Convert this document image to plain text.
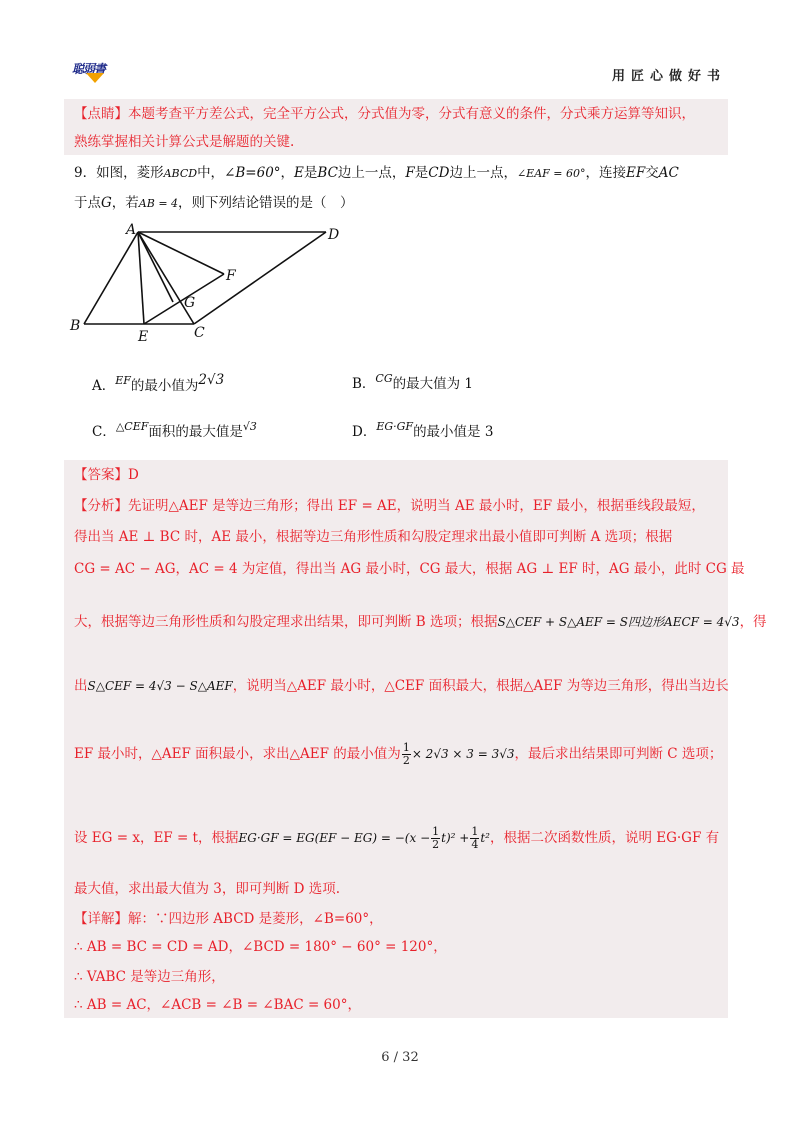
聪弱書	用匠心做好书
【点睛】本题考查平方差公式，完全平方公式，分式值为零，分式有意义的条件，分式乘方运算等知识，
熟练掌握相关计算公式是解题的关键.
9．如图，菱形ABCD中，∠B=60°，E是BC边上一点，F是CD边上一点，∠EAF = 60°，连接EF交AC
于点G，若AB = 4，则下列结论错误的是（　）
A	D
F
G
B
E	C
A．$^{EF}$的最小值为2√3	B．$^{CG}$的最大值为 1
C．$^{\triangle CEF}$面积的最大值是$^{√3}$	D．$^{EG\cdot GF}$的最小值是 3
【答案】D
【分析】先证明△AEF 是等边三角形；得出 EF = AE，说明当 AE 最小时，EF 最小，根据垂线段最短，
得出当 AE ⊥ BC 时，AE 最小，根据等边三角形性质和勾股定理求出最小值即可判断 A 选项；根据
CG = AC − AG，AC = 4 为定值，得出当 AG 最小时，CG 最大，根据 AG ⊥ EF 时，AG 最小，此时 CG 最
大，根据等边三角形性质和勾股定理求出结果，即可判断 B 选项；根据S△CEF + S△AEF = S四边形AECF = 4√3，得
出S△CEF = 4√3 − S△AEF，说明当△AEF 最小时，△CEF 面积最大，根据△AEF 为等边三角形，得出当边长
EF 最小时，△AEF 面积最小，求出△AEF 的最小值为 $\frac{1}{2} \times 2√3 \times 3 = 3√3$，最后求出结果即可判断 C 选项；
设 EG = x，EF = t，根据$EG\cdot GF = EG(EF - EG) = -(x - \frac{1}{2} t)^2 + \frac{1}{4} t^2$，根据二次函数性质，说明 EG·GF 有
最大值，求出最大值为 3，即可判断 D 选项.
【详解】解：∵四边形 ABCD 是菱形，∠B=60°，
∴ AB = BC = CD = AD，∠BCD = 180° − 60° = 120°，
∴ VABC 是等边三角形，
∴ AB = AC，∠ACB = ∠B = ∠BAC = 60°，
6 / 32
